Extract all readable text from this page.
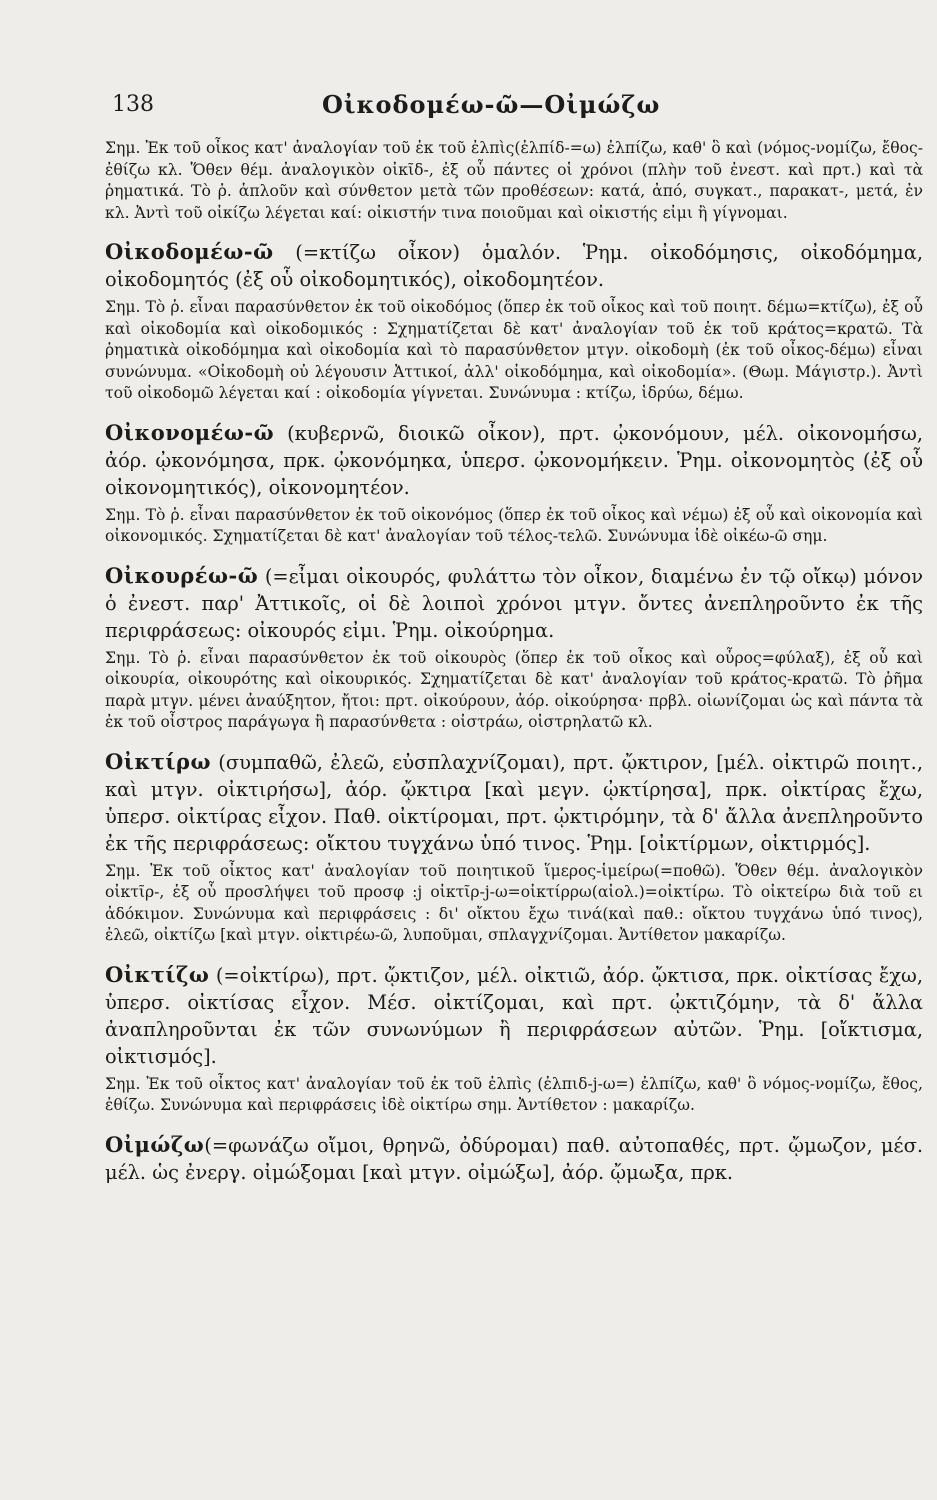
138	Οἰκοδομέω-ῶ—Οἰμώζω

Σημ. Ἐκ τοῦ οἶκος κατ' ἀναλογίαν τοῦ ἐκ τοῦ ἐλπὶς(ἐλπίδ-=ω) ἐλπίζω, καθ' ὃ καὶ (νόμος-νομίζω, ἔθος-ἐθίζω κλ. Ὅθεν θέμ. ἀναλογικὸν οἰκῖδ-, ἐξ οὗ πάντες οἱ χρόνοι (πλὴν τοῦ ἐνεστ. καὶ πρτ.) καὶ τὰ ῥηματικά. Τὸ ῥ. ἁπλοῦν καὶ σύνθετον μετὰ τῶν προθέσεων: κατά, ἀπό, συγκατ., παρακατ-, μετά, ἐν κλ. Ἀντὶ τοῦ οἰκίζω λέγεται καί: οἰκιστήν τινα ποιοῦμαι καὶ οἰκιστής εἰμι ἢ γίγνομαι.

Οἰκοδομέω-ῶ (=κτίζω οἶκον) ὁμαλόν. Ῥημ. οἰκοδόμησις, οἰκοδόμημα, οἰκοδομητός (ἐξ οὗ οἰκοδομητικός), οἰκοδομητέον.

Σημ. Τὸ ῥ. εἶναι παρασύνθετον ἐκ τοῦ οἰκοδόμος (ὅπερ ἐκ τοῦ οἶκος καὶ τοῦ ποιητ. δέμω=κτίζω), ἐξ οὗ καὶ οἰκοδομία καὶ οἰκοδομικός : Σχηματίζεται δὲ κατ' ἀναλογίαν τοῦ ἐκ τοῦ κράτος=κρατῶ. Τὰ ῥηματικὰ οἰκοδόμημα καὶ οἰκοδομία καὶ τὸ παρασύνθετον μτγν. οἰκοδομὴ (ἐκ τοῦ οἶκος-δέμω) εἶναι συνώνυμα. «Οἰκοδομὴ οὐ λέγουσιν Ἀττικοί, ἀλλ' οἰκοδόμημα, καὶ οἰκοδομία». (Θωμ. Μάγιστρ.). Ἀντὶ τοῦ οἰκοδομῶ λέγεται καί : οἰκοδομία γίγνεται. Συνώνυμα : κτίζω, ἱδρύω, δέμω.

Οἰκονομέω-ῶ (κυβερνῶ, διοικῶ οἶκον), πρτ. ᾠκονόμουν, μέλ. οἰκονομήσω, ἀόρ. ᾠκονόμησα, πρκ. ᾠκονόμηκα, ὑπερσ. ᾠκονομήκειν. Ῥημ. οἰκονομητὸς (ἐξ οὗ οἰκονομητικός), οἰκονομητέον.

Σημ. Τὸ ῥ. εἶναι παρασύνθετον ἐκ τοῦ οἰκονόμος (ὅπερ ἐκ τοῦ οἶκος καὶ νέμω) ἐξ οὗ καὶ οἰκονομία καὶ οἰκονομικός. Σχηματίζεται δὲ κατ' ἀναλογίαν τοῦ τέλος-τελῶ. Συνώνυμα ἰδὲ οἰκέω-ῶ σημ.

Οἰκουρέω-ῶ (=εἶμαι οἰκουρός, φυλάττω τὸν οἶκον, διαμένω ἐν τῷ οἴκῳ) μόνον ὁ ἐνεστ. παρ' Ἀττικοῖς, οἱ δὲ λοιποὶ χρόνοι μτγν. ὄντες ἀνεπληροῦντο ἐκ τῆς περιφράσεως: οἰκουρός εἰμι. Ῥημ. οἰκούρημα.

Σημ. Τὸ ῥ. εἶναι παρασύνθετον ἐκ τοῦ οἰκουρὸς (ὅπερ ἐκ τοῦ οἶκος καὶ οὖρος=φύλαξ), ἐξ οὗ καὶ οἰκουρία, οἰκουρότης καὶ οἰκουρικός. Σχηματίζεται δὲ κατ' ἀναλογίαν τοῦ κράτος-κρατῶ. Τὸ ῥῆμα παρὰ μτγν. μένει ἀναύξητον, ἤτοι: πρτ. οἰκούρουν, ἀόρ. οἰκούρησα· πρβλ. οἰωνίζομαι ὡς καὶ πάντα τὰ ἐκ τοῦ οἶστρος παράγωγα ἢ παρασύνθετα : οἰστράω, οἰστρηλατῶ κλ.

Οἰκτίρω (συμπαθῶ, ἐλεῶ, εὐσπλαχνίζομαι), πρτ. ᾤκτιρον, [μέλ. οἰκτιρῶ ποιητ., καὶ μτγν. οἰκτιρήσω], ἀόρ. ᾤκτιρα [καὶ μεγν. ᾠκτίρησα], πρκ. οἰκτίρας ἔχω, ὑπερσ. οἰκτίρας εἶχον. Παθ. οἰκτίρομαι, πρτ. ᾠκτιρόμην, τὰ δ' ἄλλα ἀνεπληροῦντο ἐκ τῆς περιφράσεως: οἴκτου τυγχάνω ὑπό τινος. Ῥημ. [οἰκτίρμων, οἰκτιρμός].

Σημ. Ἐκ τοῦ οἶκτος κατ' ἀναλογίαν τοῦ ποιητικοῦ ἵμερος-ἱμείρω(=ποθῶ). Ὅθεν θέμ. ἀναλογικὸν οἰκτῖρ-, ἐξ οὗ προσλήψει τοῦ προσφ :j οἰκτῖρ-j-ω=οἰκτίρρω(αἰολ.)=οἰκτίρω. Τὸ οἰκτείρω διὰ τοῦ ει ἀδόκιμον. Συνώνυμα καὶ περιφράσεις : δι' οἴκτου ἔχω τινά(καὶ παθ.: οἴκτου τυγχάνω ὑπό τινος), ἐλεῶ, οἰκτίζω [καὶ μτγν. οἰκτιρέω-ῶ, λυποῦμαι, σπλαγχνίζομαι. Ἀντίθετον μακαρίζω.

Οἰκτίζω (=οἰκτίρω), πρτ. ᾤκτιζον, μέλ. οἰκτιῶ, ἀόρ. ᾤκτισα, πρκ. οἰκτίσας ἔχω, ὑπερσ. οἰκτίσας εἶχον. Μέσ. οἰκτίζομαι, καὶ πρτ. ᾠκτιζόμην, τὰ δ' ἄλλα ἀναπληροῦνται ἐκ τῶν συνωνύμων ἢ περιφράσεων αὐτῶν. Ῥημ. [οἴκτισμα, οἰκτισμός].

Σημ. Ἐκ τοῦ οἶκτος κατ' ἀναλογίαν τοῦ ἐκ τοῦ ἐλπὶς (ἐλπιδ-j-ω=) ἐλπίζω, καθ' ὃ νόμος-νομίζω, ἔθος, ἐθίζω. Συνώνυμα καὶ περιφράσεις ἰδὲ οἰκτίρω σημ. Ἀντίθετον : μακαρίζω.

Οἰμώζω(=φωνάζω οἴμοι, θρηνῶ, ὀδύρομαι) παθ. αὐτοπαθές, πρτ. ᾤμωζον, μέσ. μέλ. ὡς ἐνεργ. οἰμώξομαι [καὶ μτγν. οἰμώξω], ἀόρ. ᾤμωξα, πρκ.
